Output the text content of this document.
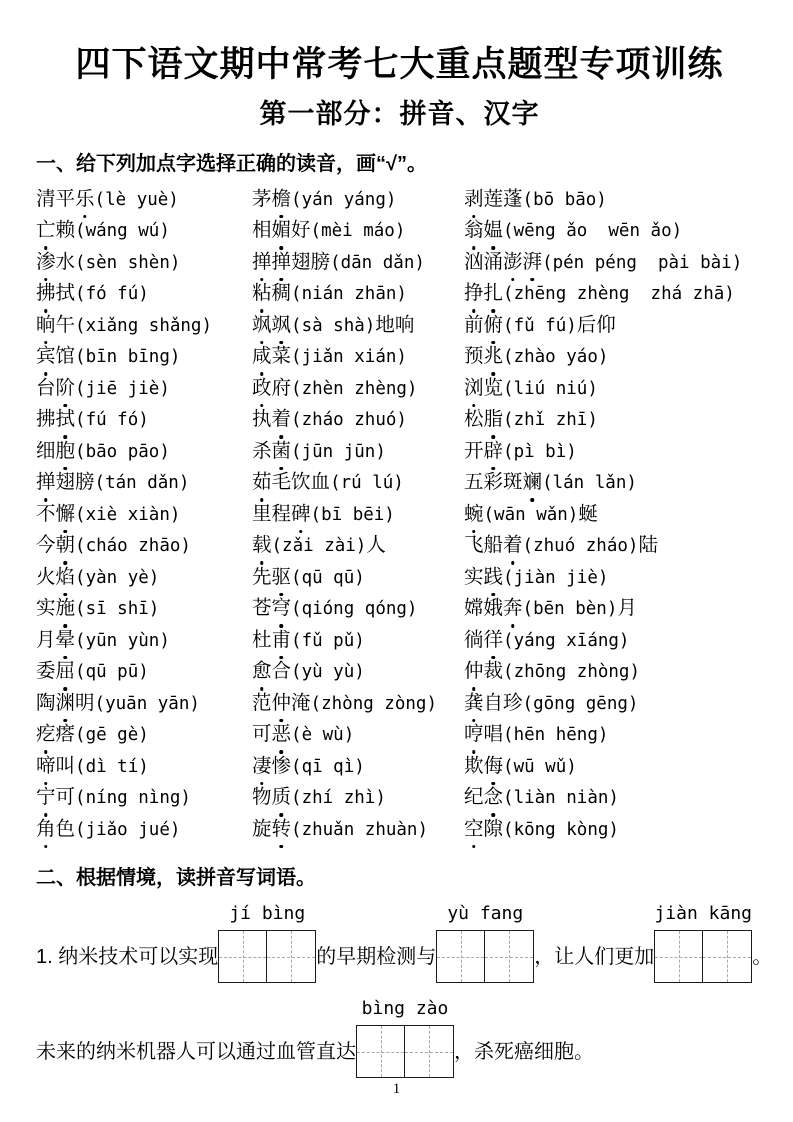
四下语文期中常考七大重点题型专项训练
第一部分：拼音、汉字
一、给下列加点字选择正确的读音，画“√”。
清平乐(lè yuè)	茅檐(yán yáng)	剥莲蓬(bō bāo)
亡赖(wáng wú)	相媚好(mèi máo)	翁媪(wēng ǎo  wēn ǎo)
渗水(sèn shèn)	掸掸翅膀(dān dǎn)	汹涌澎湃(pén péng  pài bài)
拂拭(fó fú)	粘稠(nián zhān)	挣扎(zhēng zhèng  zhá zhā)
晌午(xiǎng shǎng)	飒飒(sà shà)地响	前俯(fǔ fú)后仰
宾馆(bīn bīng)	咸菜(jiǎn xián)	预兆(zhào yáo)
台阶(jiē jiè)	政府(zhèn zhèng)	浏览(liú niú)
拂拭(fú fó)	执着(zháo zhuó)	松脂(zhǐ zhī)
细胞(bāo pāo)	杀菌(jūn jūn)	开辟(pì bì)
掸翅膀(tán dǎn)	茹毛饮血(rú lú)	五彩斑斓(lán lǎn)
不懈(xiè xiàn)	里程碑(bī bēi)	蜿(wān wǎn)蜒
今朝(cháo zhāo)	载(zǎi zài)人	飞船着(zhuó zháo)陆
火焰(yàn yè)	先驱(qū qū)	实践(jiàn jiè)
实施(sī shī)	苍穹(qióng qóng)	嫦娥奔(bēn bèn)月
月晕(yūn yùn)	杜甫(fǔ pǔ)	徜徉(yáng xīáng)
委屈(qū pū)	愈合(yù yù)	仲裁(zhōng zhòng)
陶渊明(yuān yān)	范仲淹(zhòng zòng)	龚自珍(gōng gēng)
疙瘩(gē gè)	可恶(è wù)	哼唱(hēn hēng)
啼叫(dì tí)	凄惨(qī qì)	欺侮(wū wǔ)
宁可(níng nìng)	物质(zhí zhì)	纪念(liàn niàn)
角色(jiǎo jué)	旋转(zhuǎn zhuàn)	空隙(kōng kòng)
二、根据情境，读拼音写词语。
1. 纳米技术可以实现
jí bìng
的早期检测与
yù fang
，让人们更加
jiàn kāng
。
未来的纳米机器人可以通过血管直达
bìng zào
，杀死癌细胞。
1
